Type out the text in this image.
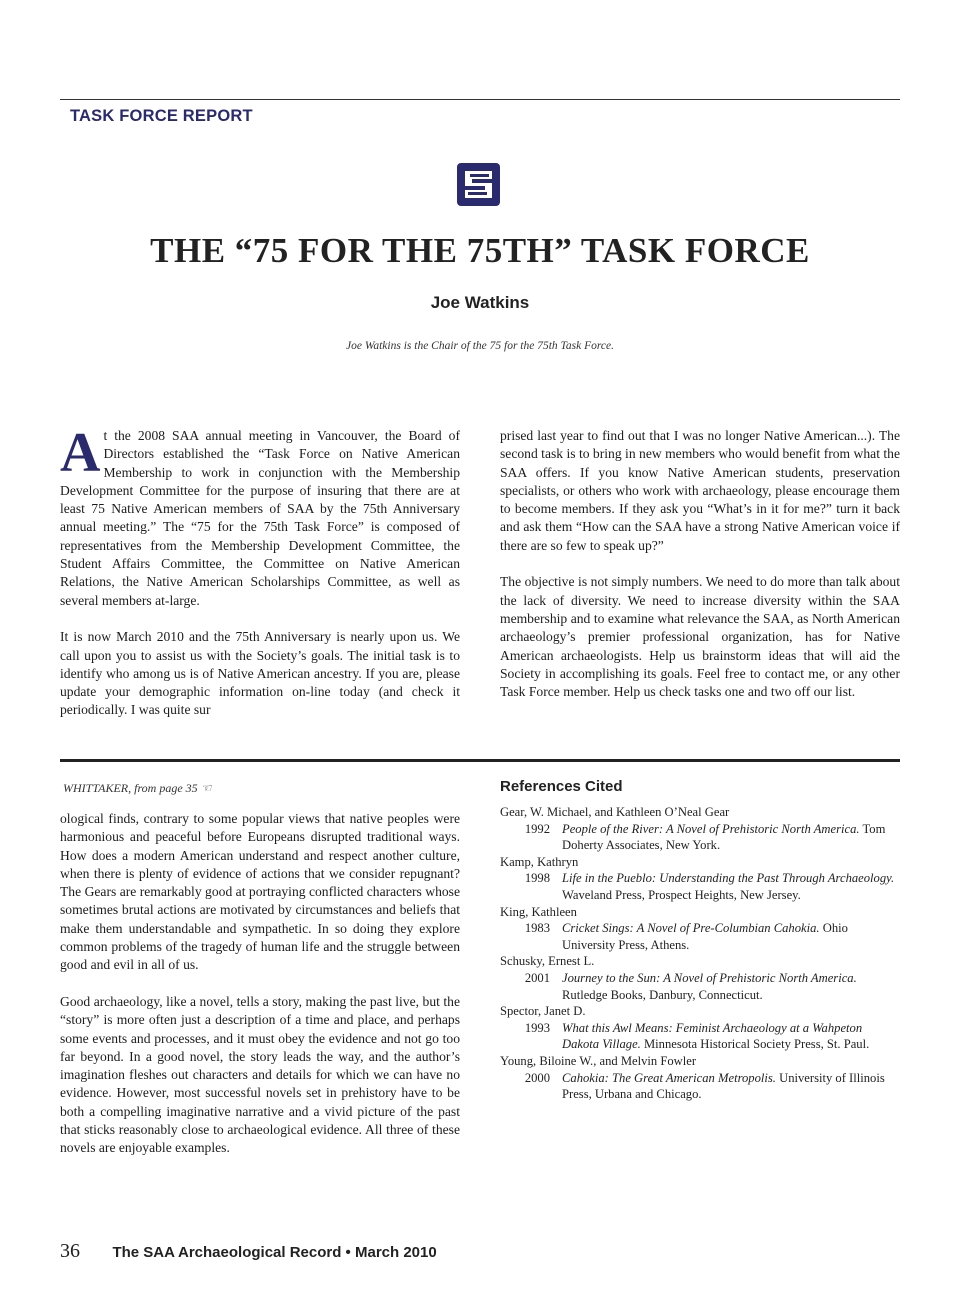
TASK FORCE REPORT
THE “75 FOR THE 75TH” TASK FORCE
Joe Watkins
Joe Watkins is the Chair of the 75 for the 75th Task Force.

At the 2008 SAA annual meeting in Vancouver, the Board of Directors established the “Task Force on Native American Membership to work in conjunction with the Membership Development Committee for the purpose of insuring that there are at least 75 Native American members of SAA by the 75th Anniversary annual meeting.” The “75 for the 75th Task Force” is composed of representatives from the Membership Development Committee, the Student Affairs Committee, the Committee on Native American Relations, the Native American Scholarships Committee, as well as several members at-large.

It is now March 2010 and the 75th Anniversary is nearly upon us. We call upon you to assist us with the Society’s goals. The initial task is to identify who among us is of Native American ancestry. If you are, please update your demographic information on-line today (and check it periodically. I was quite sur

prised last year to find out that I was no longer Native American...). The second task is to bring in new members who would benefit from what the SAA offers. If you know Native American students, preservation specialists, or others who work with archaeology, please encourage them to become members. If they ask you “What’s in it for me?” turn it back and ask them “How can the SAA have a strong Native American voice if there are so few to speak up?”

The objective is not simply numbers. We need to do more than talk about the lack of diversity. We need to increase diversity within the SAA membership and to examine what relevance the SAA, as North American archaeology’s premier professional organization, has for Native American archaeologists. Help us brainstorm ideas that will aid the Society in accomplishing its goals. Feel free to contact me, or any other Task Force member. Help us check tasks one and two off our list.

WHITTAKER, from page 35 ☜

ological finds, contrary to some popular views that native peoples were harmonious and peaceful before Europeans disrupted traditional ways. How does a modern American understand and respect another culture, when there is plenty of evidence of actions that we consider repugnant? The Gears are remarkably good at portraying conflicted characters whose sometimes brutal actions are motivated by circumstances and beliefs that make them understandable and sympathetic. In so doing they explore common problems of the tragedy of human life and the struggle between good and evil in all of us.

Good archaeology, like a novel, tells a story, making the past live, but the “story” is more often just a description of a time and place, and perhaps some events and processes, and it must obey the evidence and not go too far beyond. In a good novel, the story leads the way, and the author’s imagination fleshes out characters and details for which we can have no evidence. However, most successful novels set in prehistory have to be both a compelling imaginative narrative and a vivid picture of the past that sticks reasonably close to archaeological evidence. All three of these novels are enjoyable examples.

References Cited
Gear, W. Michael, and Kathleen O’Neal Gear
1992 People of the River: A Novel of Prehistoric North America. Tom Doherty Associates, New York.
Kamp, Kathryn
1998 Life in the Pueblo: Understanding the Past Through Archaeology. Waveland Press, Prospect Heights, New Jersey.
King, Kathleen
1983 Cricket Sings: A Novel of Pre-Columbian Cahokia. Ohio University Press, Athens.
Schusky, Ernest L.
2001 Journey to the Sun: A Novel of Prehistoric North America. Rutledge Books, Danbury, Connecticut.
Spector, Janet D.
1993 What this Awl Means: Feminist Archaeology at a Wahpeton Dakota Village. Minnesota Historical Society Press, St. Paul.
Young, Biloine W., and Melvin Fowler
2000 Cahokia: The Great American Metropolis. University of Illinois Press, Urbana and Chicago.
36 The SAA Archaeological Record • March 2010
